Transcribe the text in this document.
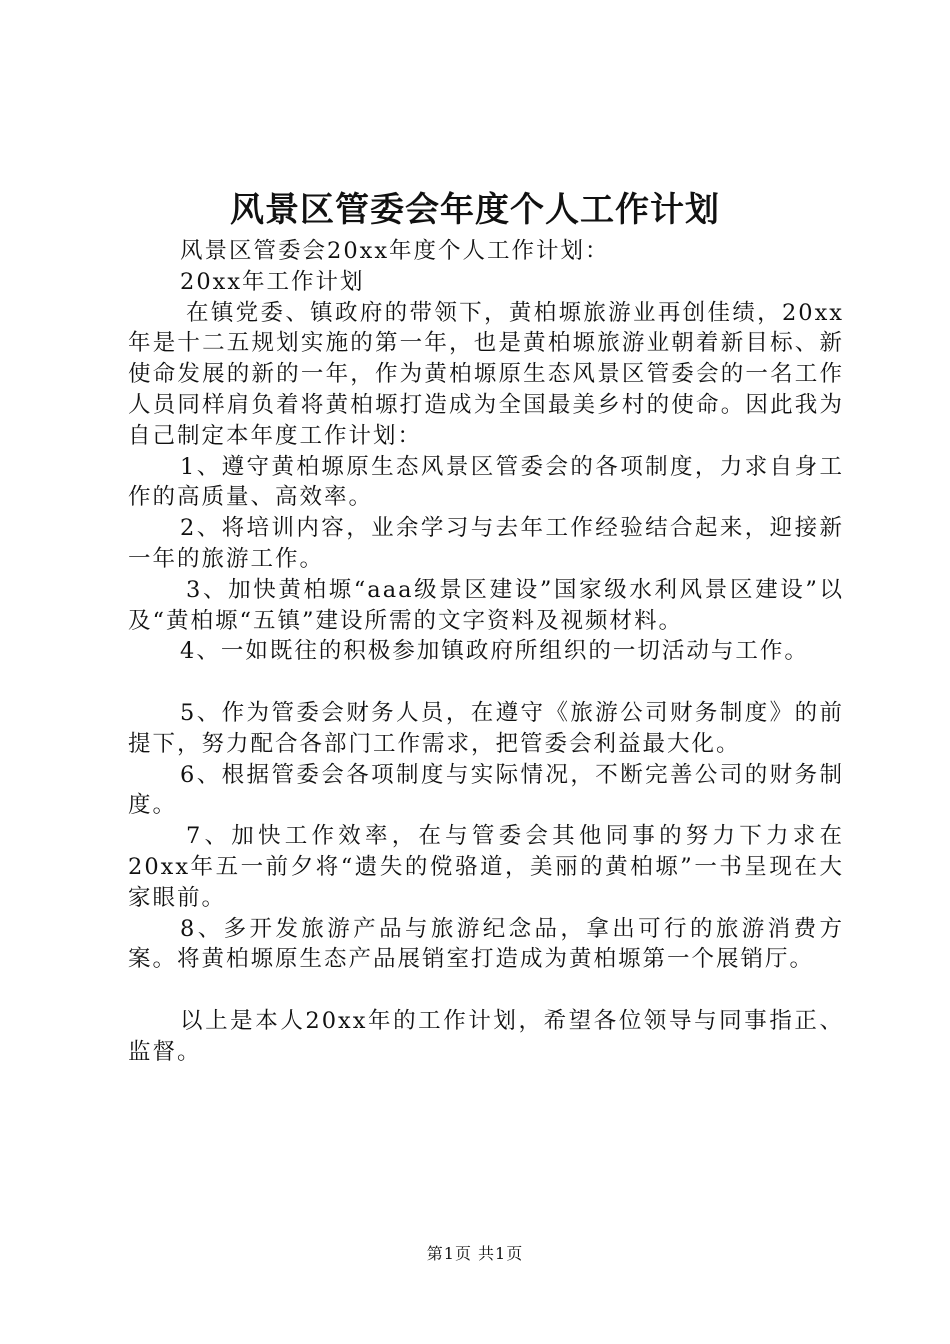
风景区管委会年度个人工作计划

风景区管委会20xx年度个人工作计划：

20xx年工作计划

在镇党委、镇政府的带领下，黄柏塬旅游业再创佳绩，20xx年是十二五规划实施的第一年，也是黄柏塬旅游业朝着新目标、新使命发展的新的一年，作为黄柏塬原生态风景区管委会的一名工作人员同样肩负着将黄柏塬打造成为全国最美乡村的使命。因此我为自己制定本年度工作计划：

1、遵守黄柏塬原生态风景区管委会的各项制度，力求自身工作的高质量、高效率。

2、将培训内容，业余学习与去年工作经验结合起来，迎接新一年的旅游工作。

3、加快黄柏塬“aaa级景区建设”国家级水利风景区建设”以及“黄柏塬“五镇”建设所需的文字资料及视频材料。

4、一如既往的积极参加镇政府所组织的一切活动与工作。

5、作为管委会财务人员，在遵守《旅游公司财务制度》的前提下，努力配合各部门工作需求，把管委会利益最大化。

6、根据管委会各项制度与实际情况，不断完善公司的财务制度。

7、加快工作效率，在与管委会其他同事的努力下力求在20xx年五一前夕将“遗失的傥骆道，美丽的黄柏塬”一书呈现在大家眼前。

8、多开发旅游产品与旅游纪念品，拿出可行的旅游消费方案。将黄柏塬原生态产品展销室打造成为黄柏塬第一个展销厅。

以上是本人20xx年的工作计划，希望各位领导与同事指正、监督。

第1页 共1页
